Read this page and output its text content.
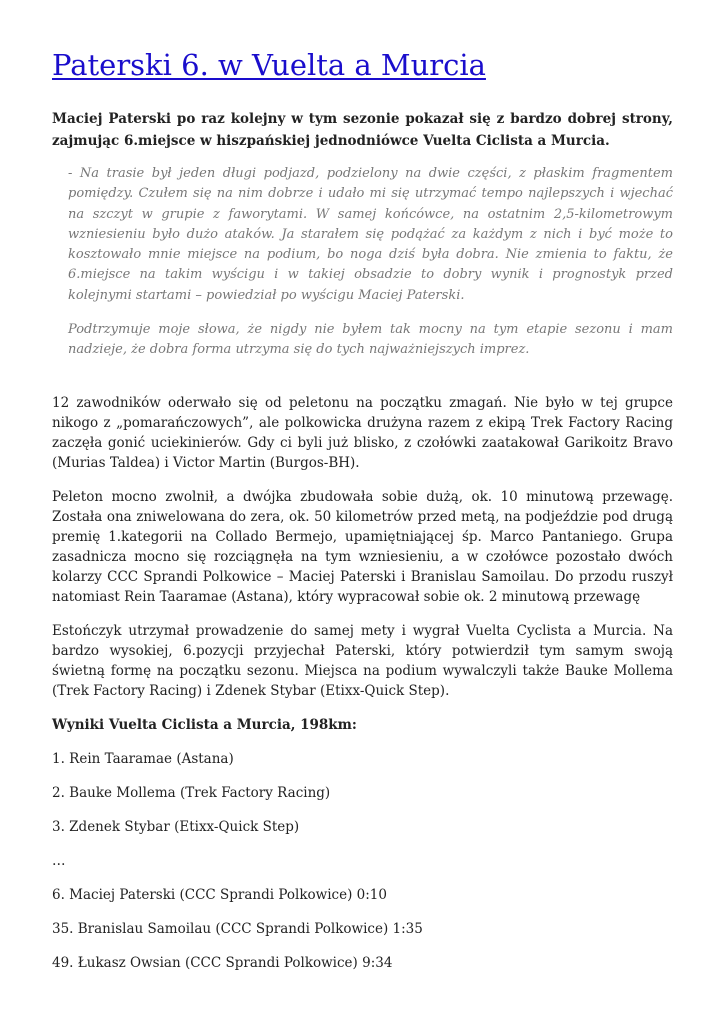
Paterski 6. w Vuelta a Murcia

Maciej Paterski po raz kolejny w tym sezonie pokazał się z bardzo dobrej strony, zajmując 6.miejsce w hiszpańskiej jednodniówce Vuelta Ciclista a Murcia.

- Na trasie był jeden długi podjazd, podzielony na dwie części, z płaskim fragmentem pomiędzy. Czułem się na nim dobrze i udało mi się utrzymać tempo najlepszych i wjechać na szczyt w grupie z faworytami. W samej końcówce, na ostatnim 2,5-kilometrowym wzniesieniu było dużo ataków. Ja starałem się podążać za każdym z nich i być może to kosztowało mnie miejsce na podium, bo noga dziś była dobra. Nie zmienia to faktu, że 6.miejsce na takim wyścigu i w takiej obsadzie to dobry wynik i prognostyk przed kolejnymi startami – powiedział po wyścigu Maciej Paterski.

Podtrzymuje moje słowa, że nigdy nie byłem tak mocny na tym etapie sezonu i mam nadzieje, że dobra forma utrzyma się do tych najważniejszych imprez.

12 zawodników oderwało się od peletonu na początku zmagań. Nie było w tej grupce nikogo z „pomarańczowych”, ale polkowicka drużyna razem z ekipą Trek Factory Racing zaczęła gonić uciekinierów. Gdy ci byli już blisko, z czołówki zaatakował Garikoitz Bravo (Murias Taldea) i Victor Martin (Burgos-BH).

Peleton mocno zwolnił, a dwójka zbudowała sobie dużą, ok. 10 minutową przewagę. Została ona zniwelowana do zera, ok. 50 kilometrów przed metą, na podjeździe pod drugą premię 1.kategorii na Collado Bermejo, upamiętniającej śp. Marco Pantaniego. Grupa zasadnicza mocno się rozciągnęła na tym wzniesieniu, a w czołówce pozostało dwóch kolarzy CCC Sprandi Polkowice – Maciej Paterski i Branislau Samoilau. Do przodu ruszył natomiast Rein Taaramae (Astana), który wypracował sobie ok. 2 minutową przewagę

Estończyk utrzymał prowadzenie do samej mety i wygrał Vuelta Cyclista a Murcia. Na bardzo wysokiej, 6.pozycji przyjechał Paterski, który potwierdził tym samym swoją świetną formę na początku sezonu. Miejsca na podium wywalczyli także Bauke Mollema (Trek Factory Racing) i Zdenek Stybar (Etixx-Quick Step).

Wyniki Vuelta Ciclista a Murcia, 198km:

1. Rein Taaramae (Astana)

2. Bauke Mollema (Trek Factory Racing)

3. Zdenek Stybar (Etixx-Quick Step)

…

6. Maciej Paterski (CCC Sprandi Polkowice) 0:10

35. Branislau Samoilau (CCC Sprandi Polkowice) 1:35

49. Łukasz Owsian (CCC Sprandi Polkowice) 9:34
